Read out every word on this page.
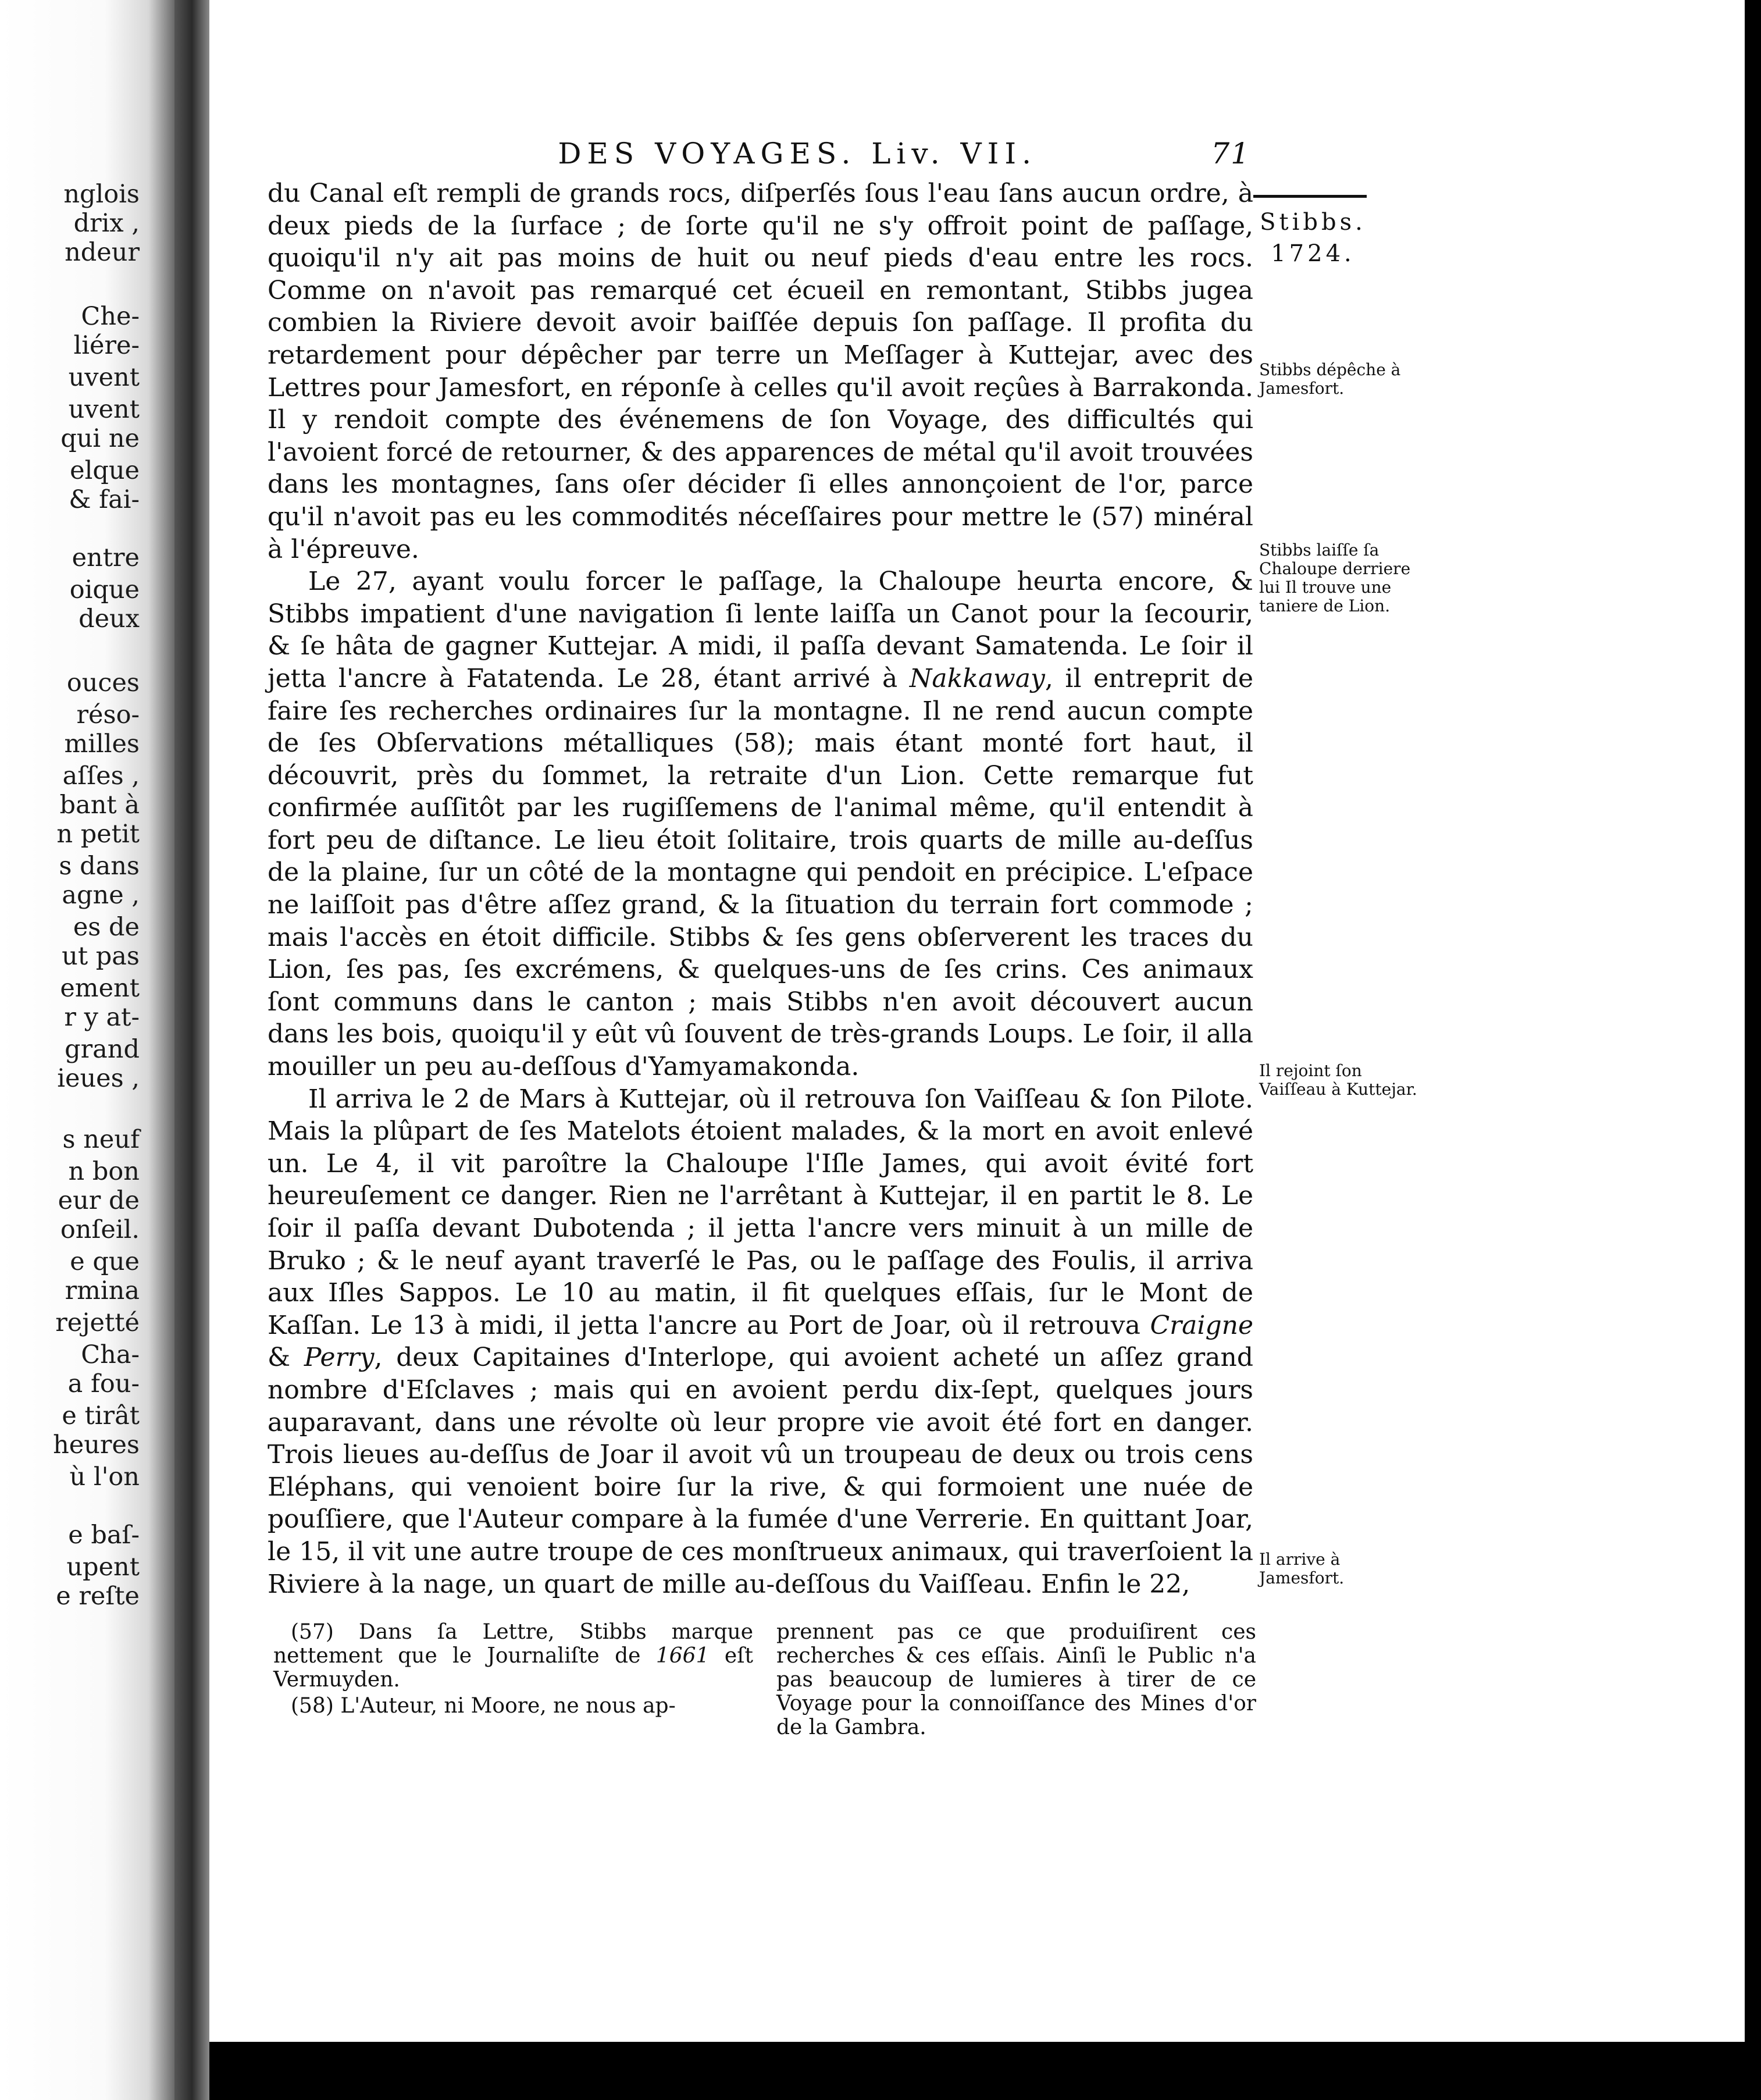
nglois
drix ,
ndeur
Che-
liére-
uvent
uvent
qui ne
elque
& fai-
entre
oique
deux
ouces
réso-
milles
aſſes ,
bant à
n petit
s dans
agne ,
es de
ut pas
ement
r y at-
grand
ieues ,
s neuf
n bon
eur de
onſeil.
e que
rmina
rejetté
Cha-
a fou-
e tirât
heures
ù l'on
e baſ-
upent
e reſte
DES VOYAGES. Liv. VII.	71

du Canal eſt rempli de grands rocs, diſperſés ſous l'eau ſans aucun ordre, à deux pieds de la ſurface ; de ſorte qu'il ne s'y offroit point de paſſage, quoiqu'il n'y ait pas moins de huit ou neuf pieds d'eau entre les rocs. Comme on n'avoit pas remarqué cet écueil en remontant, Stibbs jugea combien la Riviere devoit avoir baiſſée depuis ſon paſſage. Il profita du retardement pour dépêcher par terre un Meſſager à Kuttejar, avec des Lettres pour Jamesfort, en réponſe à celles qu'il avoit reçûes à Barrakonda. Il y rendoit compte des événemens de ſon Voyage, des difficultés qui l'avoient forcé de retourner, & des apparences de métal qu'il avoit trouvées dans les montagnes, ſans oſer décider ſi elles annonçoient de l'or, parce qu'il n'avoit pas eu les commodités néceſſaires pour mettre le (57) minéral à l'épreuve.

Le 27, ayant voulu forcer le paſſage, la Chaloupe heurta encore, & Stibbs impatient d'une navigation ſi lente laiſſa un Canot pour la ſecourir, & ſe hâta de gagner Kuttejar. A midi, il paſſa devant Samatenda. Le ſoir il jetta l'ancre à Fatatenda. Le 28, étant arrivé à Nakkaway, il entreprit de faire ſes recherches ordinaires ſur la montagne. Il ne rend aucun compte de ſes Obſervations métalliques (58); mais étant monté fort haut, il découvrit, près du ſommet, la retraite d'un Lion. Cette remarque fut confirmée auſſitôt par les rugiſſemens de l'animal même, qu'il entendit à fort peu de diſtance. Le lieu étoit ſolitaire, trois quarts de mille au-deſſus de la plaine, ſur un côté de la montagne qui pendoit en précipice. L'eſpace ne laiſſoit pas d'être aſſez grand, & la ſituation du terrain fort commode ; mais l'accès en étoit difficile. Stibbs & ſes gens obſerverent les traces du Lion, ſes pas, ſes excrémens, & quelques-uns de ſes crins. Ces animaux ſont communs dans le canton ; mais Stibbs n'en avoit découvert aucun dans les bois, quoiqu'il y eût vû ſouvent de très-grands Loups. Le ſoir, il alla mouiller un peu au-deſſous d'Yamyamakonda.

Il arriva le 2 de Mars à Kuttejar, où il retrouva ſon Vaiſſeau & ſon Pilote. Mais la plûpart de ſes Matelots étoient malades, & la mort en avoit enlevé un. Le 4, il vit paroître la Chaloupe l'Iſle James, qui avoit évité fort heureuſement ce danger. Rien ne l'arrêtant à Kuttejar, il en partit le 8. Le ſoir il paſſa devant Dubotenda ; il jetta l'ancre vers minuit à un mille de Bruko ; & le neuf ayant traverſé le Pas, ou le paſſage des Foulis, il arriva aux Iſles Sappos. Le 10 au matin, il fit quelques eſſais, ſur le Mont de Kaſſan. Le 13 à midi, il jetta l'ancre au Port de Joar, où il retrouva Craigne & Perry, deux Capitaines d'Interlope, qui avoient acheté un aſſez grand nombre d'Eſclaves ; mais qui en avoient perdu dix-ſept, quelques jours auparavant, dans une révolte où leur propre vie avoit été fort en danger. Trois lieues au-deſſus de Joar il avoit vû un troupeau de deux ou trois cens Eléphans, qui venoient boire ſur la rive, & qui formoient une nuée de pouſſiere, que l'Auteur compare à la fumée d'une Verrerie. En quittant Joar, le 15, il vit une autre troupe de ces monſtrueux animaux, qui traverſoient la Riviere à la nage, un quart de mille au-deſſous du Vaiſſeau. Enfin le 22,

Stibbs.
1724.

Stibbs dépêche à Jamesfort.

Stibbs laiſſe ſa Chaloupe derriere lui Il trouve une taniere de Lion.

Il rejoint ſon Vaiſſeau à Kuttejar.

Il arrive à Jamesfort.

(57) Dans ſa Lettre, Stibbs marque nettement que le Journaliſte de 1661 eſt Vermuyden.

(58) L'Auteur, ni Moore, ne nous ap-

prennent pas ce que produiſirent ces recherches & ces eſſais. Ainſi le Public n'a pas beaucoup de lumieres à tirer de ce Voyage pour la connoiſſance des Mines d'or de la Gambra.
